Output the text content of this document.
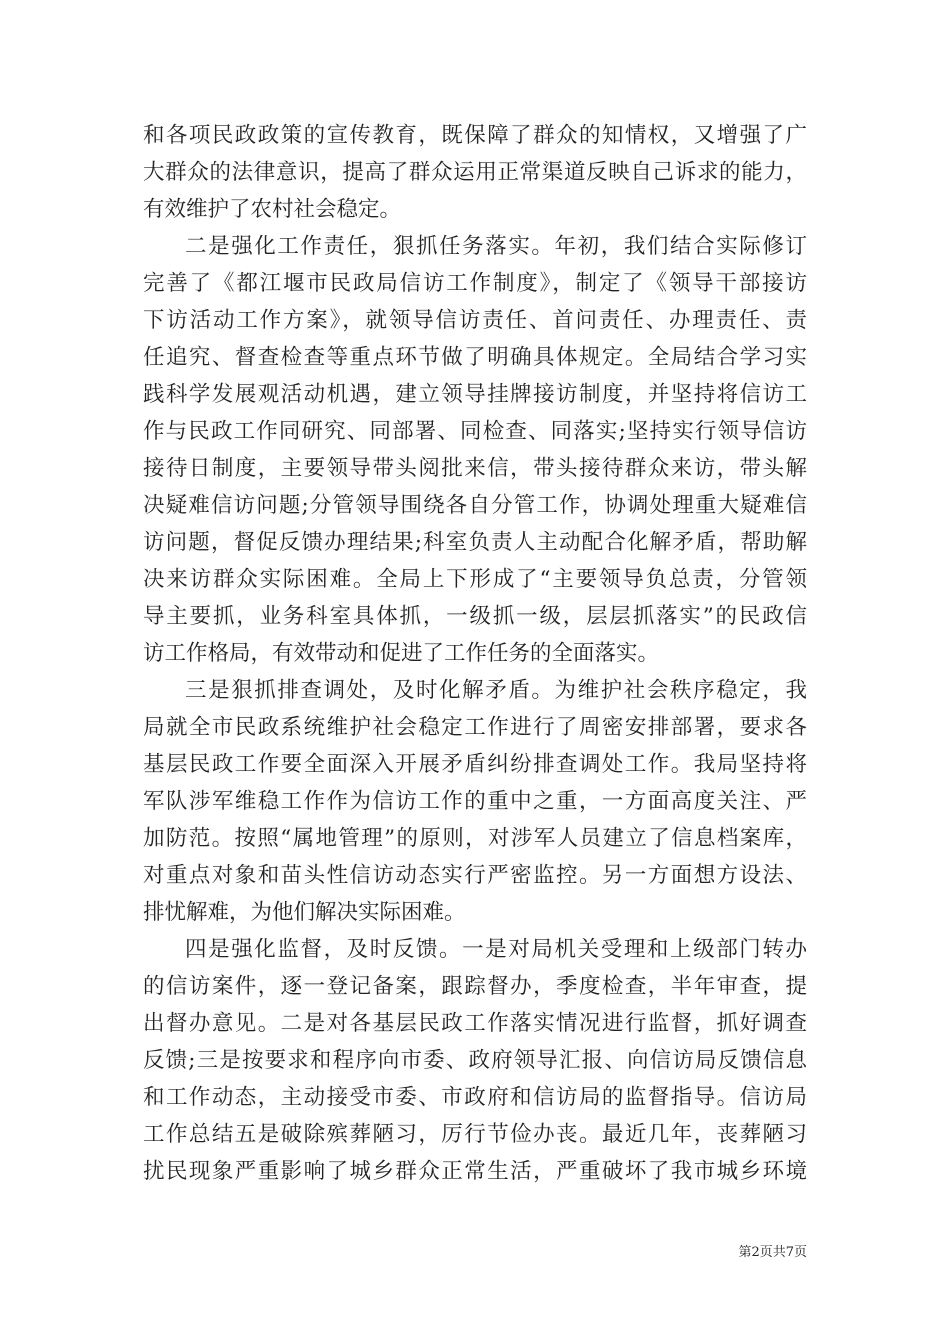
和各项民政政策的宣传教育，既保障了群众的知情权，又增强了广
大群众的法律意识，提高了群众运用正常渠道反映自己诉求的能力，
有效维护了农村社会稳定。
二是强化工作责任，狠抓任务落实。年初，我们结合实际修订
完善了《都江堰市民政局信访工作制度》，制定了《领导干部接访
下访活动工作方案》，就领导信访责任、首问责任、办理责任、责
任追究、督查检查等重点环节做了明确具体规定。全局结合学习实
践科学发展观活动机遇，建立领导挂牌接访制度，并坚持将信访工
作与民政工作同研究、同部署、同检查、同落实;坚持实行领导信访
接待日制度，主要领导带头阅批来信，带头接待群众来访，带头解
决疑难信访问题;分管领导围绕各自分管工作，协调处理重大疑难信
访问题，督促反馈办理结果;科室负责人主动配合化解矛盾，帮助解
决来访群众实际困难。全局上下形成了“主要领导负总责，分管领
导主要抓，业务科室具体抓，一级抓一级，层层抓落实”的民政信
访工作格局，有效带动和促进了工作任务的全面落实。
三是狠抓排查调处，及时化解矛盾。为维护社会秩序稳定，我
局就全市民政系统维护社会稳定工作进行了周密安排部署，要求各
基层民政工作要全面深入开展矛盾纠纷排查调处工作。我局坚持将
军队涉军维稳工作作为信访工作的重中之重，一方面高度关注、严
加防范。按照“属地管理”的原则，对涉军人员建立了信息档案库，
对重点对象和苗头性信访动态实行严密监控。另一方面想方设法、
排忧解难，为他们解决实际困难。
四是强化监督，及时反馈。一是对局机关受理和上级部门转办
的信访案件，逐一登记备案，跟踪督办，季度检查，半年审查，提
出督办意见。二是对各基层民政工作落实情况进行监督，抓好调查
反馈;三是按要求和程序向市委、政府领导汇报、向信访局反馈信息
和工作动态，主动接受市委、市政府和信访局的监督指导。信访局
工作总结五是破除殡葬陋习，厉行节俭办丧。最近几年，丧葬陋习
扰民现象严重影响了城乡群众正常生活，严重破坏了我市城乡环境
第2页共7页
